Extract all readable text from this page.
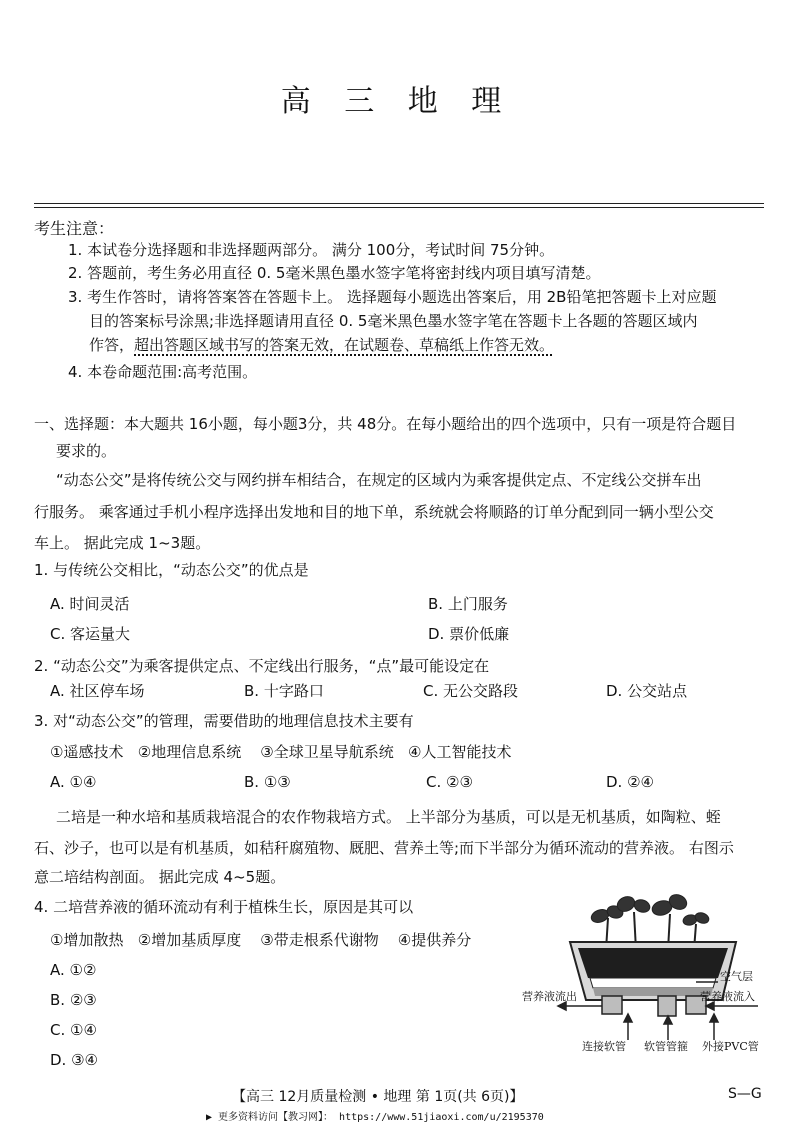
高 三 地 理
考生注意：
1. 本试卷分选择题和非选择题两部分。 满分 100分，考试时间 75分钟。
2. 答题前，考生务必用直径 0. 5毫米黑色墨水签字笔将密封线内项目填写清楚。
3. 考生作答时，请将答案答在答题卡上。 选择题每小题选出答案后，用 2B铅笔把答题卡上对应题
目的答案标号涂黑;非选择题请用直径 0. 5毫米黑色墨水签字笔在答题卡上各题的答题区域内
作答，超出答题区域书写的答案无效，在试题卷、草稿纸上作答无效。
4. 本卷命题范围:高考范围。
一、选择题：本大题共 16小题，每小题3分，共 48分。在每小题给出的四个选项中，只有一项是符合题目
要求的。
“动态公交”是将传统公交与网约拼车相结合，在规定的区域内为乘客提供定点、不定线公交拼车出
行服务。 乘客通过手机小程序选择出发地和目的地下单，系统就会将顺路的订单分配到同一辆小型公交
车上。 据此完成 1~3题。
1. 与传统公交相比，“动态公交”的优点是
A. 时间灵活	B. 上门服务
C. 客运量大	D. 票价低廉
2. “动态公交”为乘客提供定点、不定线出行服务，“点”最可能设定在
A. 社区停车场	B. 十字路口	C. 无公交路段	D. 公交站点
3. 对“动态公交”的管理，需要借助的地理信息技术主要有
①遥感技术   ②地理信息系统    ③全球卫星导航系统   ④人工智能技术
A. ①④	B. ①③	C. ②③	D. ②④
二培是一种水培和基质栽培混合的农作物栽培方式。 上半部分为基质，可以是无机基质，如陶粒、蛭
石、沙子，也可以是有机基质，如秸秆腐殖物、厩肥、营养土等;而下半部分为循环流动的营养液。 右图示
意二培结构剖面。 据此完成 4~5题。
4. 二培营养液的循环流动有利于植株生长，原因是其可以
①增加散热   ②增加基质厚度    ③带走根系代谢物    ④提供养分
A. ①②
B. ②③
C. ①④
D. ③④
空气层
营养液流出	营养液流入
连接软管 软管管箍 外接PVC管
【高三 12月质量检测 • 地理 第 1页(共 6页)】	S—G
▶ 更多资料访问【教习网】： https://www.51jiaoxi.com/u/2195370
